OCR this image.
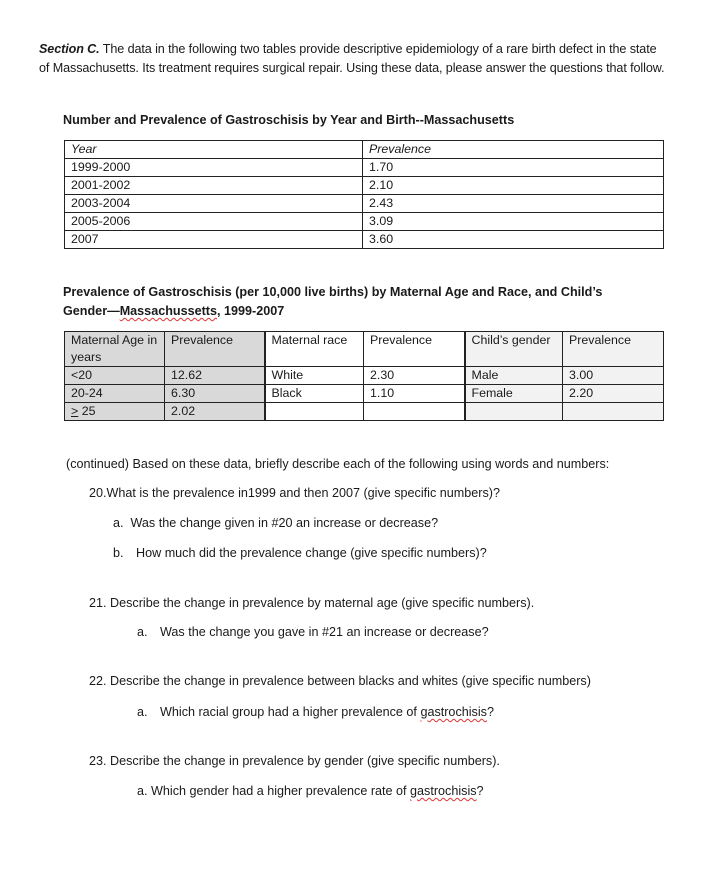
Section C. The data in the following two tables provide descriptive epidemiology of a rare birth defect in the state of Massachusetts. Its treatment requires surgical repair. Using these data, please answer the questions that follow.
Number and Prevalence of Gastroschisis by Year and Birth--Massachusetts
Year	Prevalence
1999-2000	1.70
2001-2002	2.10
2003-2004	2.43
2005-2006	3.09
2007	3.60
Prevalence of Gastroschisis (per 10,000 live births) by Maternal Age and Race, and Child’s
Gender—Massachussetts, 1999-2007
Maternal Age in years	Prevalence	Maternal race	Prevalence	Child’s gender	Prevalence
<20	12.62	White	2.30	Male	3.00
20-24	6.30	Black	1.10	Female	2.20
≥ 25	2.02				
(continued) Based on these data, briefly describe each of the following using words and numbers:
20.What is the prevalence in1999 and then 2007 (give specific numbers)?
a.  Was the change given in #20 an increase or decrease?
b. How much did the prevalence change (give specific numbers)?
21. Describe the change in prevalence by maternal age (give specific numbers).
a. Was the change you gave in #21 an increase or decrease?
22. Describe the change in prevalence between blacks and whites (give specific numbers)
a. Which racial group had a higher prevalence of gastrochisis?
23. Describe the change in prevalence by gender (give specific numbers).
a. Which gender had a higher prevalence rate of gastrochisis?
